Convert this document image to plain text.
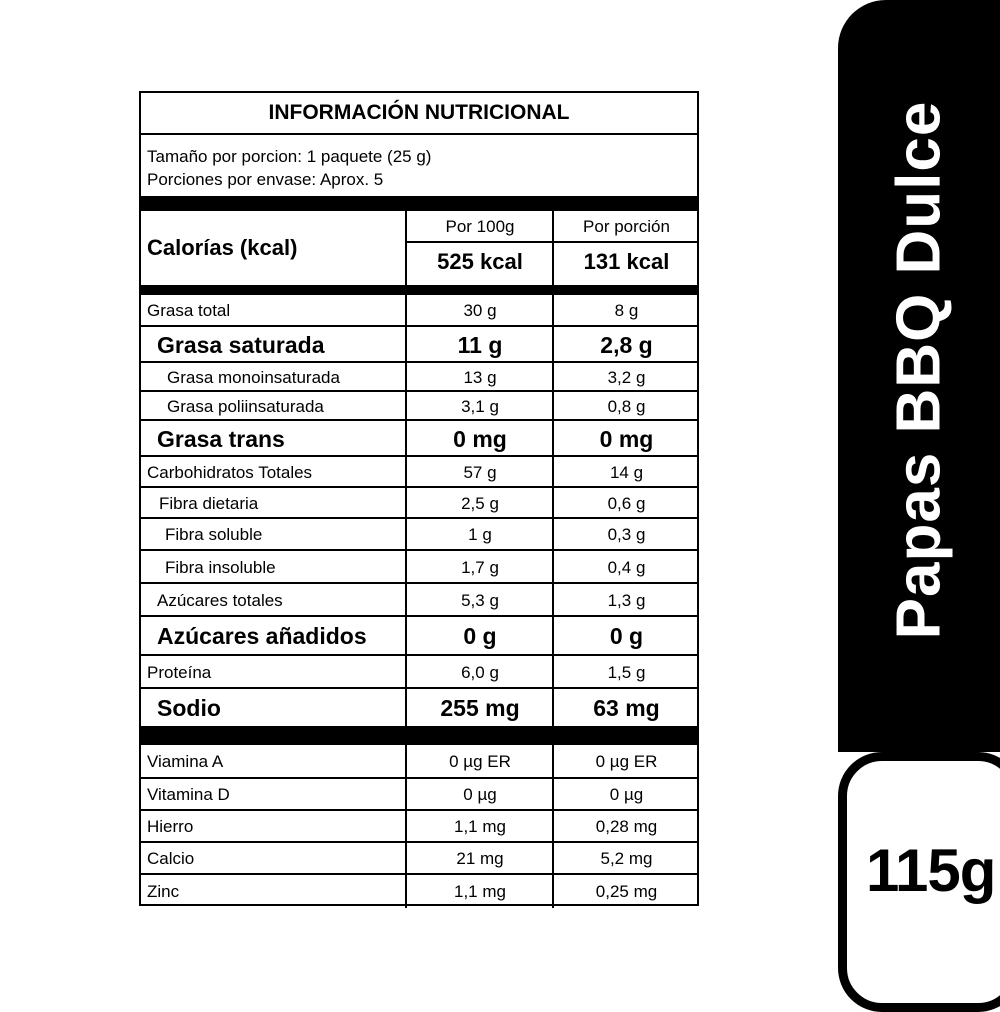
INFORMACIÓN NUTRICIONAL
Tamaño por porcion: 1 paquete (25 g)
Porciones por envase: Aprox. 5
Calorías (kcal)
Por 100g	Por porción
525 kcal	131 kcal
Grasa total	30 g	8 g
Grasa saturada	11 g	2,8 g
Grasa monoinsaturada	13 g	3,2 g
Grasa poliinsaturada	3,1 g	0,8 g
Grasa trans	0 mg	0 mg
Carbohidratos Totales	57 g	14 g
Fibra dietaria	2,5 g	0,6 g
Fibra soluble	1 g	0,3 g
Fibra insoluble	1,7 g	0,4 g
Azúcares totales	5,3 g	1,3 g
Azúcares añadidos	0 g	0 g
Proteína	6,0 g	1,5 g
Sodio	255 mg	63 mg
Viamina A	0 µg ER	0 µg ER
Vitamina D	0 µg	0 µg
Hierro	1,1 mg	0,28 mg
Calcio	21 mg	5,2 mg
Zinc	1,1 mg	0,25 mg
Papas BBQ Dulce
115g
